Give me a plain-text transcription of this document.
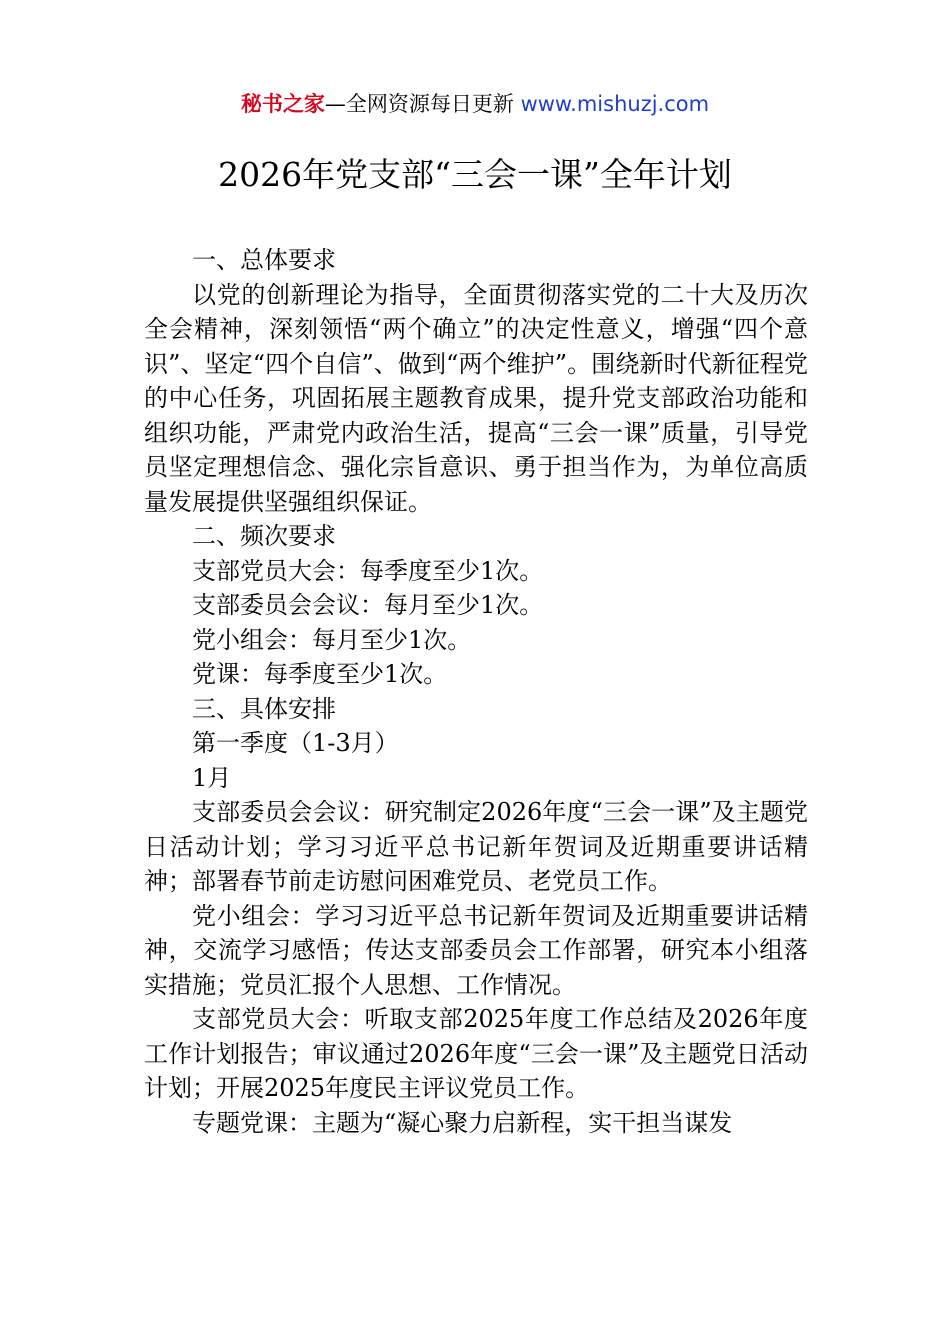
秘书之家—全网资源每日更新 www.mishuzj.com
2026年党支部“三会一课”全年计划

一、总体要求

以党的创新理论为指导，全面贯彻落实党的二十大及历次全会精神，深刻领悟“两个确立”的决定性意义，增强“四个意识”、坚定“四个自信”、做到“两个维护”。围绕新时代新征程党的中心任务，巩固拓展主题教育成果，提升党支部政治功能和组织功能，严肃党内政治生活，提高“三会一课”质量，引导党员坚定理想信念、强化宗旨意识、勇于担当作为，为单位高质量发展提供坚强组织保证。

二、频次要求

支部党员大会：每季度至少1次。

支部委员会会议：每月至少1次。

党小组会：每月至少1次。

党课：每季度至少1次。

三、具体安排

第一季度（1-3月）

1月

支部委员会会议：研究制定2026年度“三会一课”及主题党日活动计划；学习习近平总书记新年贺词及近期重要讲话精神；部署春节前走访慰问困难党员、老党员工作。

党小组会：学习习近平总书记新年贺词及近期重要讲话精神，交流学习感悟；传达支部委员会工作部署，研究本小组落实措施；党员汇报个人思想、工作情况。

支部党员大会：听取支部2025年度工作总结及2026年度工作计划报告；审议通过2026年度“三会一课”及主题党日活动计划；开展2025年度民主评议党员工作。

专题党课：主题为“凝心聚力启新程，实干担当谋发
